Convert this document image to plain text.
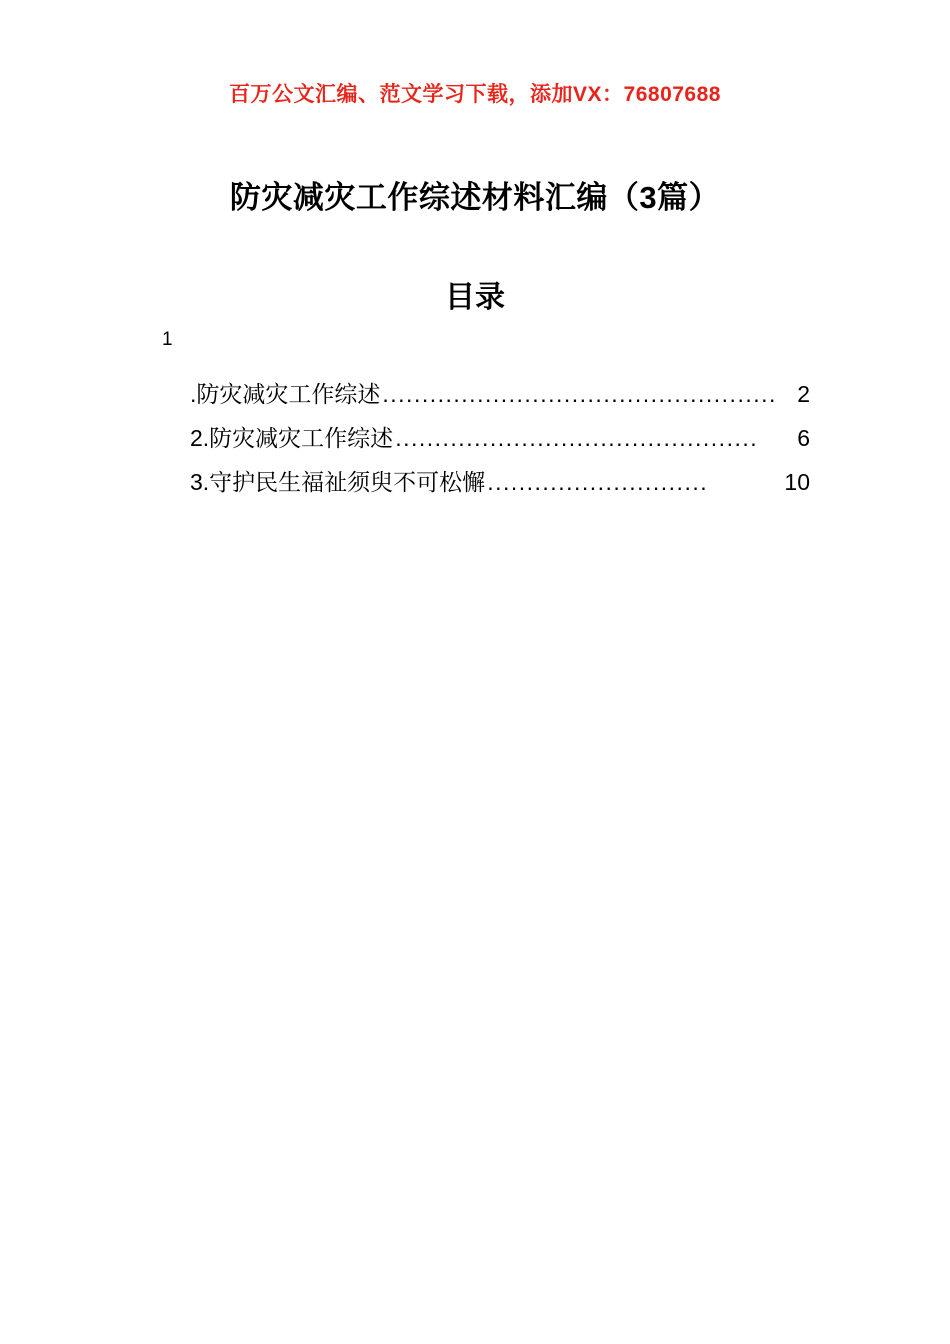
百万公文汇编、范文学习下载，添加VX：76807688
防灾减灾工作综述材料汇编（3篇）
目录
1
.防灾减灾工作综述 .................................................. 2
2.防灾减灾工作综述 ..............................................	6
3.守护民生福祉须臾不可松懈 ............................	10
